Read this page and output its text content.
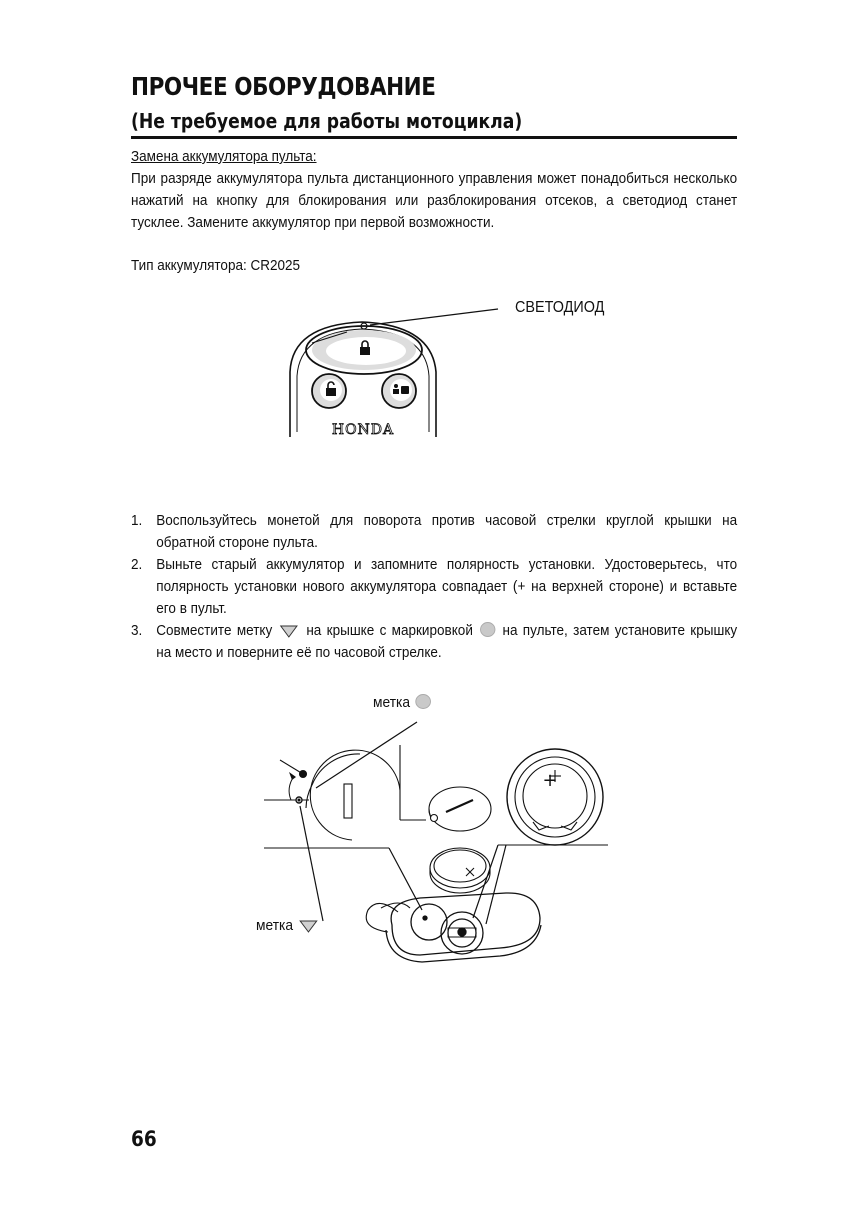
ПРОЧЕЕ ОБОРУДОВАНИЕ
(Не требуемое для работы мотоцикла)
Замена аккумулятора пульта:
При разряде аккумулятора пульта дистанционного управления может понадобиться несколько нажатий на кнопку для блокирования или разблокирования отсеков, а светодиод станет тусклее. Замените аккумулятор при первой возможности.
Тип аккумулятора: CR2025
HONDA
СВЕТОДИОД
1. Воспользуйтесь монетой для поворота против часовой стрелки круглой крышки на обратной стороне пульта.
2. Выньте старый аккумулятор и запомните полярность установки. Удостоверьтесь, что полярность установки нового аккумулятора совпадает (+ на верхней стороне) и вставьте его в пульт.
3. Совместите метку на крышке с маркировкой на пульте, затем установите крышку на место и поверните её по часовой стрелке.
+
метка
метка
66
